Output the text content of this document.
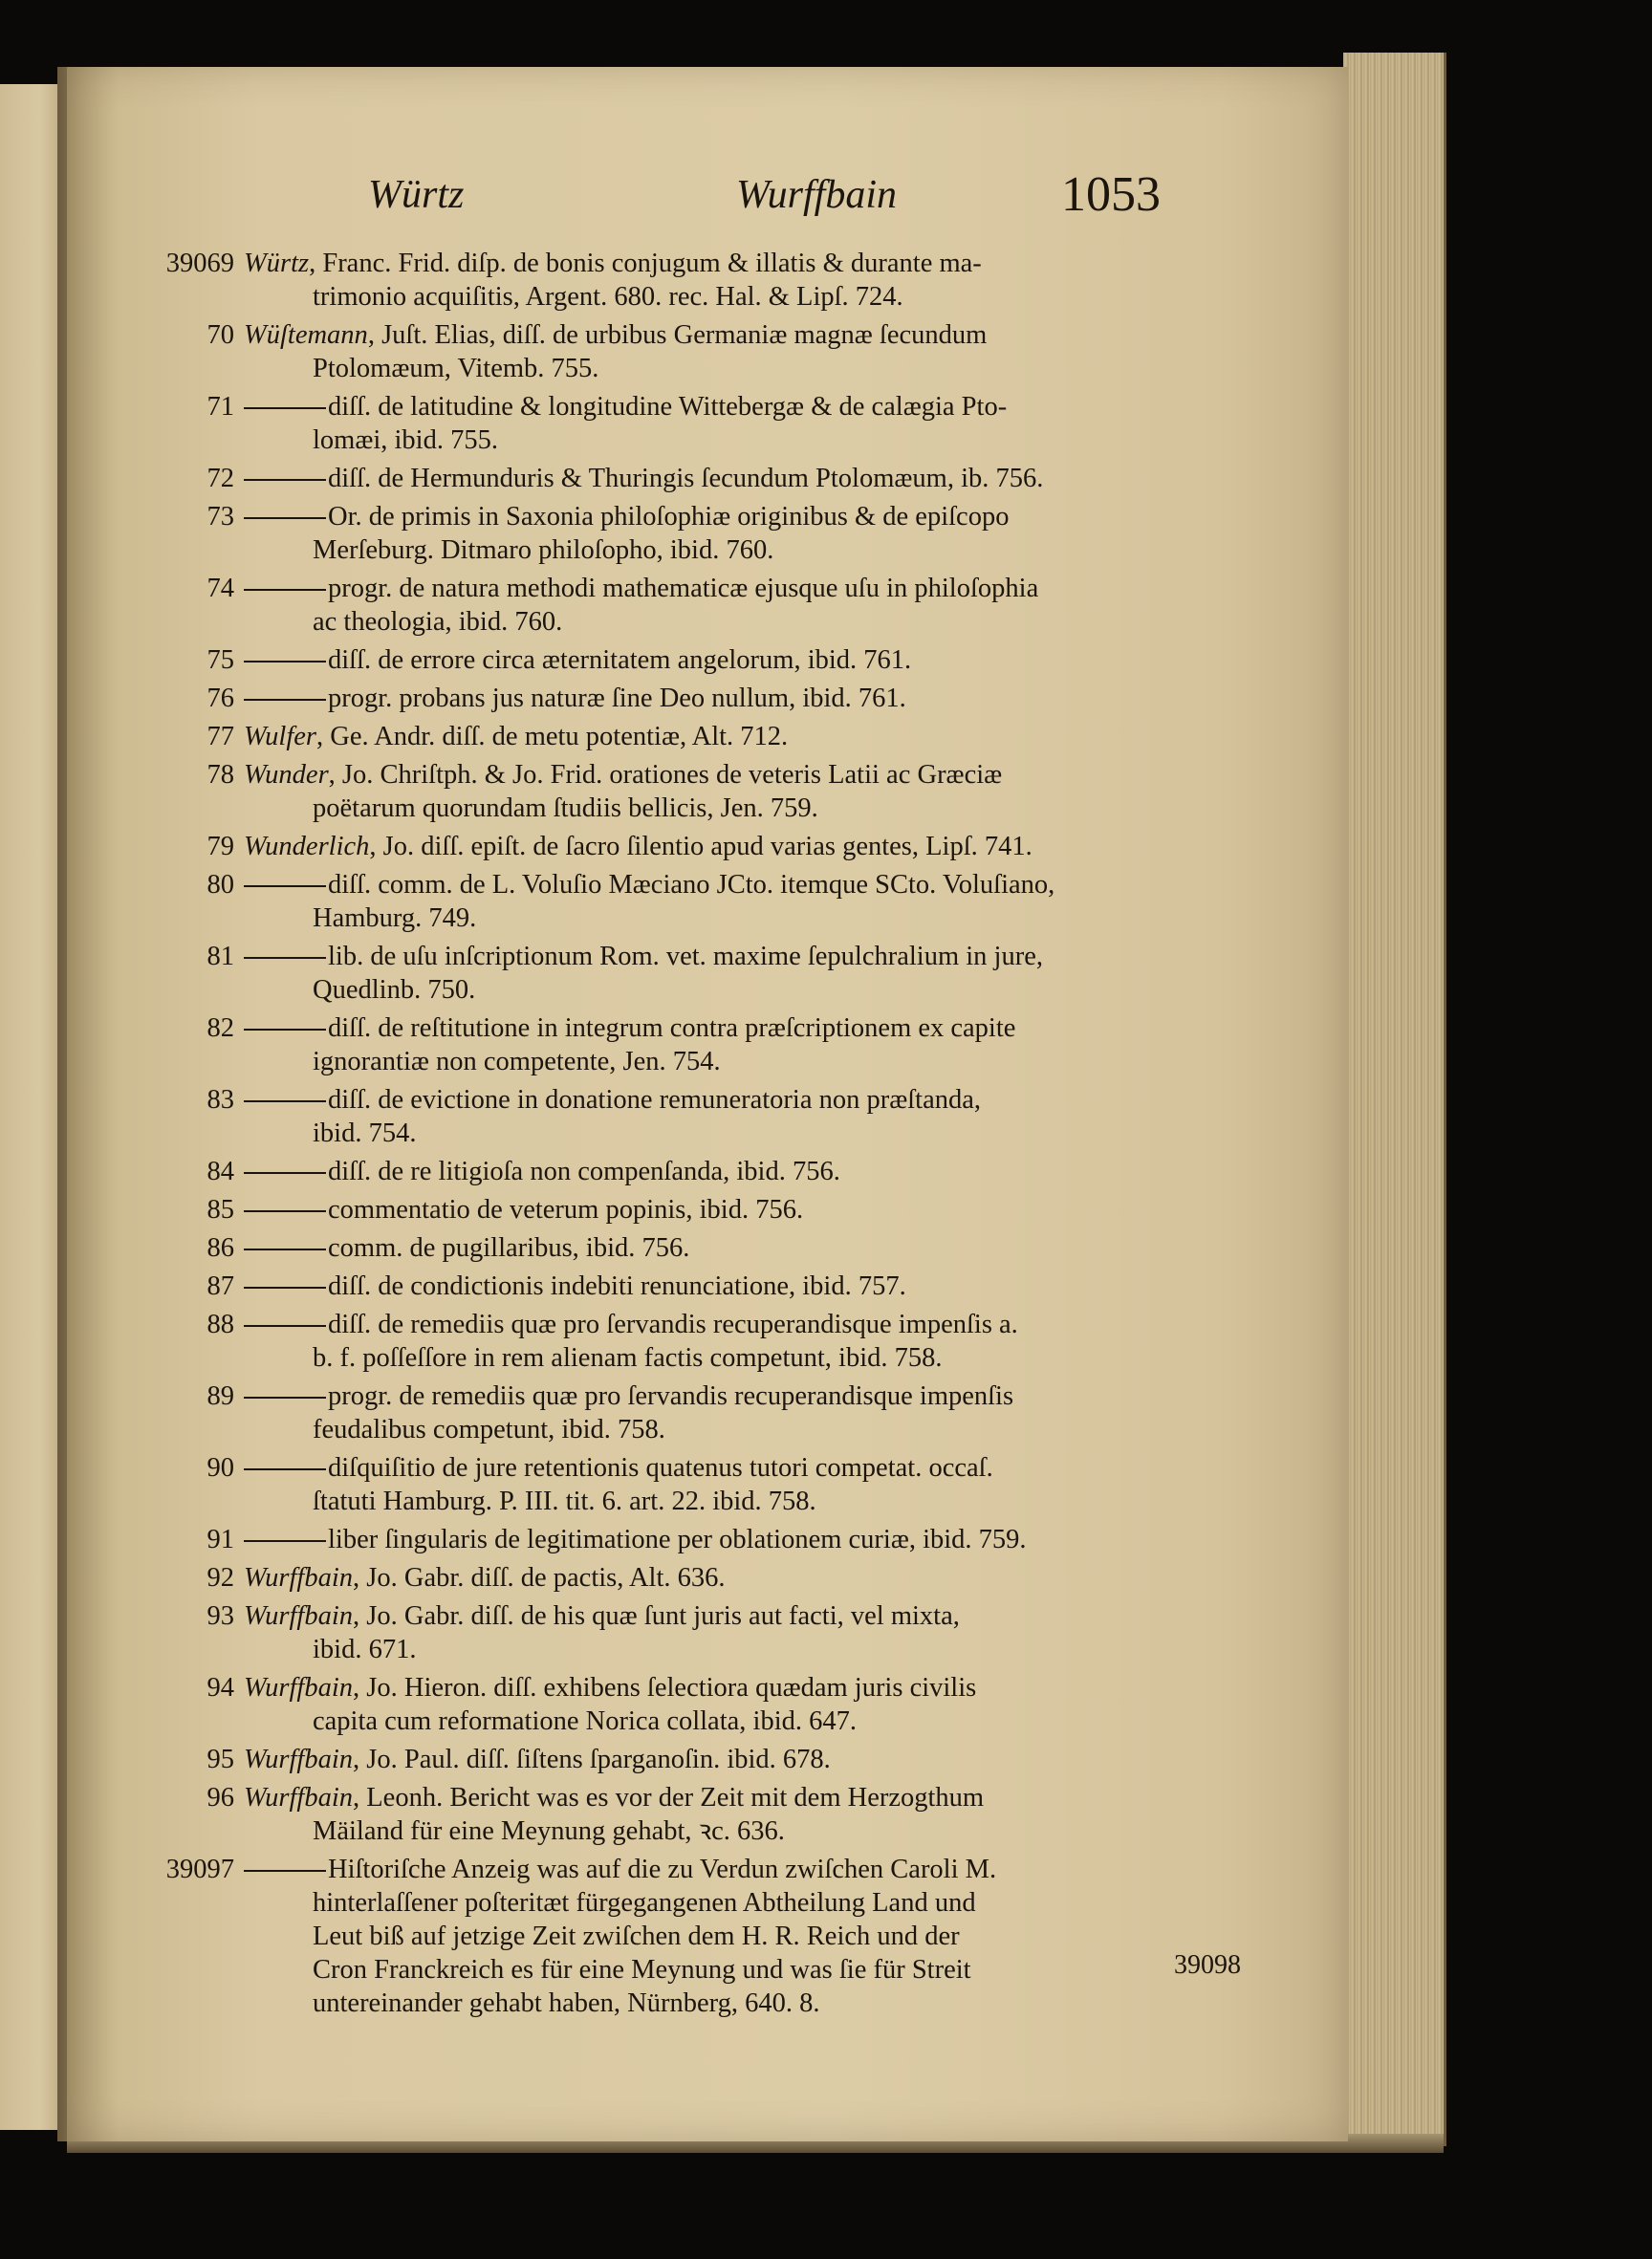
Würtz	Wurffbain	1053
39069 Würtz, Franc. Frid. diſp. de bonis conjugum & illatis & durante ma-
trimonio acquiſitis, Argent. 680. rec. Hal. & Lipſ. 724.
70 Wüſtemann, Juſt. Elias, diſſ. de urbibus Germaniæ magnæ ſecundum
Ptolomæum, Vitemb. 755.
71	diſſ. de latitudine & longitudine Wittebergæ & de calægia Pto-
lomæi, ibid. 755.
72	diſſ. de Hermunduris & Thuringis ſecundum Ptolomæum, ib. 756.
73	Or. de primis in Saxonia philoſophiæ originibus & de epiſcopo
Merſeburg. Ditmaro philoſopho, ibid. 760.
74	progr. de natura methodi mathematicæ ejusque uſu in philoſophia
ac theologia, ibid. 760.
75	diſſ. de errore circa æternitatem angelorum, ibid. 761.
76	progr. probans jus naturæ ſine Deo nullum, ibid. 761.
77 Wulfer, Ge. Andr. diſſ. de metu potentiæ, Alt. 712.
78 Wunder, Jo. Chriſtph. & Jo. Frid. orationes de veteris Latii ac Græciæ
poëtarum quorundam ſtudiis bellicis, Jen. 759.
79 Wunderlich, Jo. diſſ. epiſt. de ſacro ſilentio apud varias gentes, Lipſ. 741.
80	diſſ. comm. de L. Voluſio Mæciano JCto. itemque SCto. Voluſiano,
Hamburg. 749.
81	lib. de uſu inſcriptionum Rom. vet. maxime ſepulchralium in jure,
Quedlinb. 750.
82	diſſ. de reſtitutione in integrum contra præſcriptionem ex capite
ignorantiæ non competente, Jen. 754.
83	diſſ. de evictione in donatione remuneratoria non præſtanda,
ibid. 754.
84	diſſ. de re litigioſa non compenſanda, ibid. 756.
85	commentatio de veterum popinis, ibid. 756.
86	comm. de pugillaribus, ibid. 756.
87	diſſ. de condictionis indebiti renunciatione, ibid. 757.
88	diſſ. de remediis quæ pro ſervandis recuperandisque impenſis a.
b. f. poſſeſſore in rem alienam factis competunt, ibid. 758.
89	progr. de remediis quæ pro ſervandis recuperandisque impenſis
feudalibus competunt, ibid. 758.
90	diſquiſitio de jure retentionis quatenus tutori competat. occaſ.
ſtatuti Hamburg. P. III. tit. 6. art. 22. ibid. 758.
91	liber ſingularis de legitimatione per oblationem curiæ, ibid. 759.
92 Wurffbain, Jo. Gabr. diſſ. de pactis, Alt. 636.
93 Wurffbain, Jo. Gabr. diſſ. de his quæ ſunt juris aut facti, vel mixta,
ibid. 671.
94 Wurffbain, Jo. Hieron. diſſ. exhibens ſelectiora quædam juris civilis
capita cum reformatione Norica collata, ibid. 647.
95 Wurffbain, Jo. Paul. diſſ. ſiſtens ſparganoſin. ibid. 678.
96 Wurffbain, Leonh. Bericht was es vor der Zeit mit dem Herzogthum
Mäiland für eine Meynung gehabt, ꝛc. 636.
39097	Hiſtoriſche Anzeig was auf die zu Verdun zwiſchen Caroli M.
hinterlaſſener poſteritæt fürgegangenen Abtheilung Land und
Leut biß auf jetzige Zeit zwiſchen dem H. R. Reich und der
Cron Franckreich es für eine Meynung und was ſie für Streit
untereinander gehabt haben, Nürnberg, 640. 8.
39098
